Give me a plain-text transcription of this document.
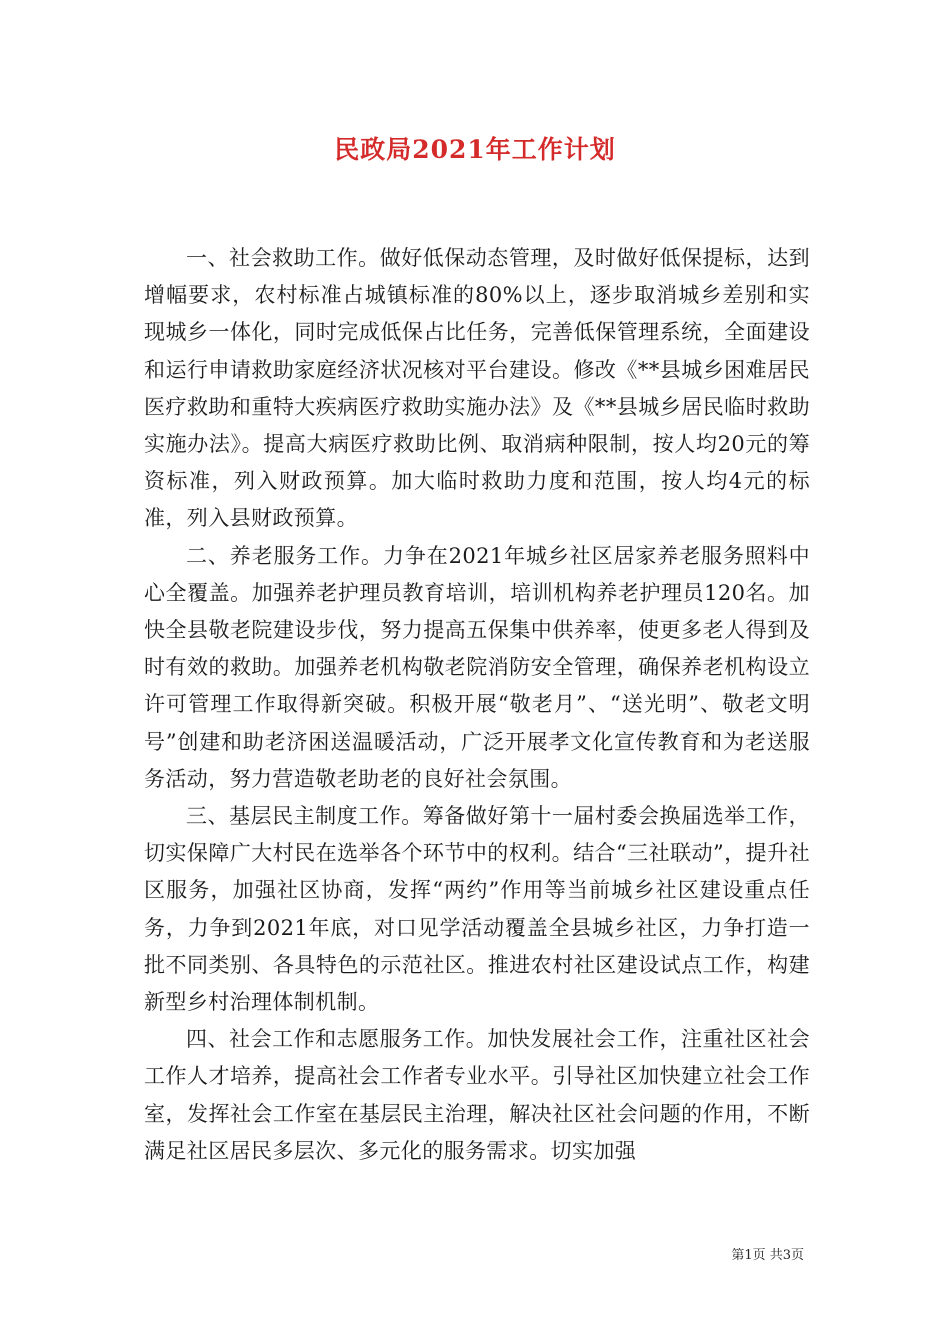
民政局2021年工作计划

一、社会救助工作。做好低保动态管理，及时做好低保提标，达到增幅要求，农村标准占城镇标准的80%以上，逐步取消城乡差别和实现城乡一体化，同时完成低保占比任务，完善低保管理系统，全面建设和运行申请救助家庭经济状况核对平台建设。修改《**县城乡困难居民医疗救助和重特大疾病医疗救助实施办法》及《**县城乡居民临时救助实施办法》。提高大病医疗救助比例、取消病种限制，按人均20元的筹资标准，列入财政预算。加大临时救助力度和范围，按人均4元的标准，列入县财政预算。

二、养老服务工作。力争在2021年城乡社区居家养老服务照料中心全覆盖。加强养老护理员教育培训，培训机构养老护理员120名。加快全县敬老院建设步伐，努力提高五保集中供养率，使更多老人得到及时有效的救助。加强养老机构敬老院消防安全管理，确保养老机构设立许可管理工作取得新突破。积极开展“敬老月”、“送光明”、敬老文明号”创建和助老济困送温暖活动，广泛开展孝文化宣传教育和为老送服务活动，努力营造敬老助老的良好社会氛围。

三、基层民主制度工作。筹备做好第十一届村委会换届选举工作，切实保障广大村民在选举各个环节中的权利。结合“三社联动”，提升社区服务，加强社区协商，发挥“两约”作用等当前城乡社区建设重点任务，力争到2021年底，对口见学活动覆盖全县城乡社区，力争打造一批不同类别、各具特色的示范社区。推进农村社区建设试点工作，构建新型乡村治理体制机制。

四、社会工作和志愿服务工作。加快发展社会工作，注重社区社会工作人才培养，提高社会工作者专业水平。引导社区加快建立社会工作室，发挥社会工作室在基层民主治理，解决社区社会问题的作用，不断满足社区居民多层次、多元化的服务需求。切实加强

第1页 共3页
